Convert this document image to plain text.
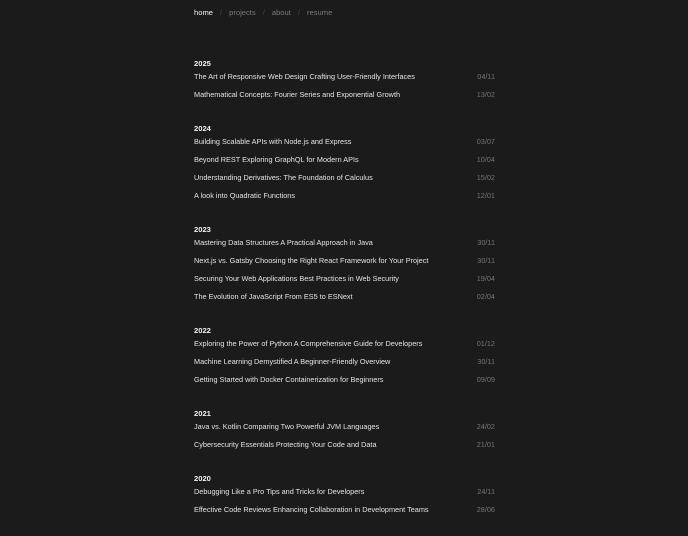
home / projects / about / resume
2025
The Art of Responsive Web Design Crafting User-Friendly Interfaces	04/11
Mathematical Concepts: Fourier Series and Exponential Growth	13/02
2024
Building Scalable APIs with Node.js and Express	03/07
Beyond REST Exploring GraphQL for Modern APIs	10/04
Understanding Derivatives: The Foundation of Calculus	15/02
A look into Quadratic Functions	12/01
2023
Mastering Data Structures A Practical Approach in Java	30/11
Next.js vs. Gatsby Choosing the Right React Framework for Your Project	30/11
Securing Your Web Applications Best Practices in Web Security	19/04
The Evolution of JavaScript From ES5 to ESNext	02/04
2022
Exploring the Power of Python A Comprehensive Guide for Developers	01/12
Machine Learning Demystified A Beginner-Friendly Overview	30/11
Getting Started with Docker Containerization for Beginners	09/09
2021
Java vs. Kotlin Comparing Two Powerful JVM Languages	24/02
Cybersecurity Essentials Protecting Your Code and Data	21/01
2020
Debugging Like a Pro Tips and Tricks for Developers	24/11
Effective Code Reviews Enhancing Collaboration in Development Teams	28/06
